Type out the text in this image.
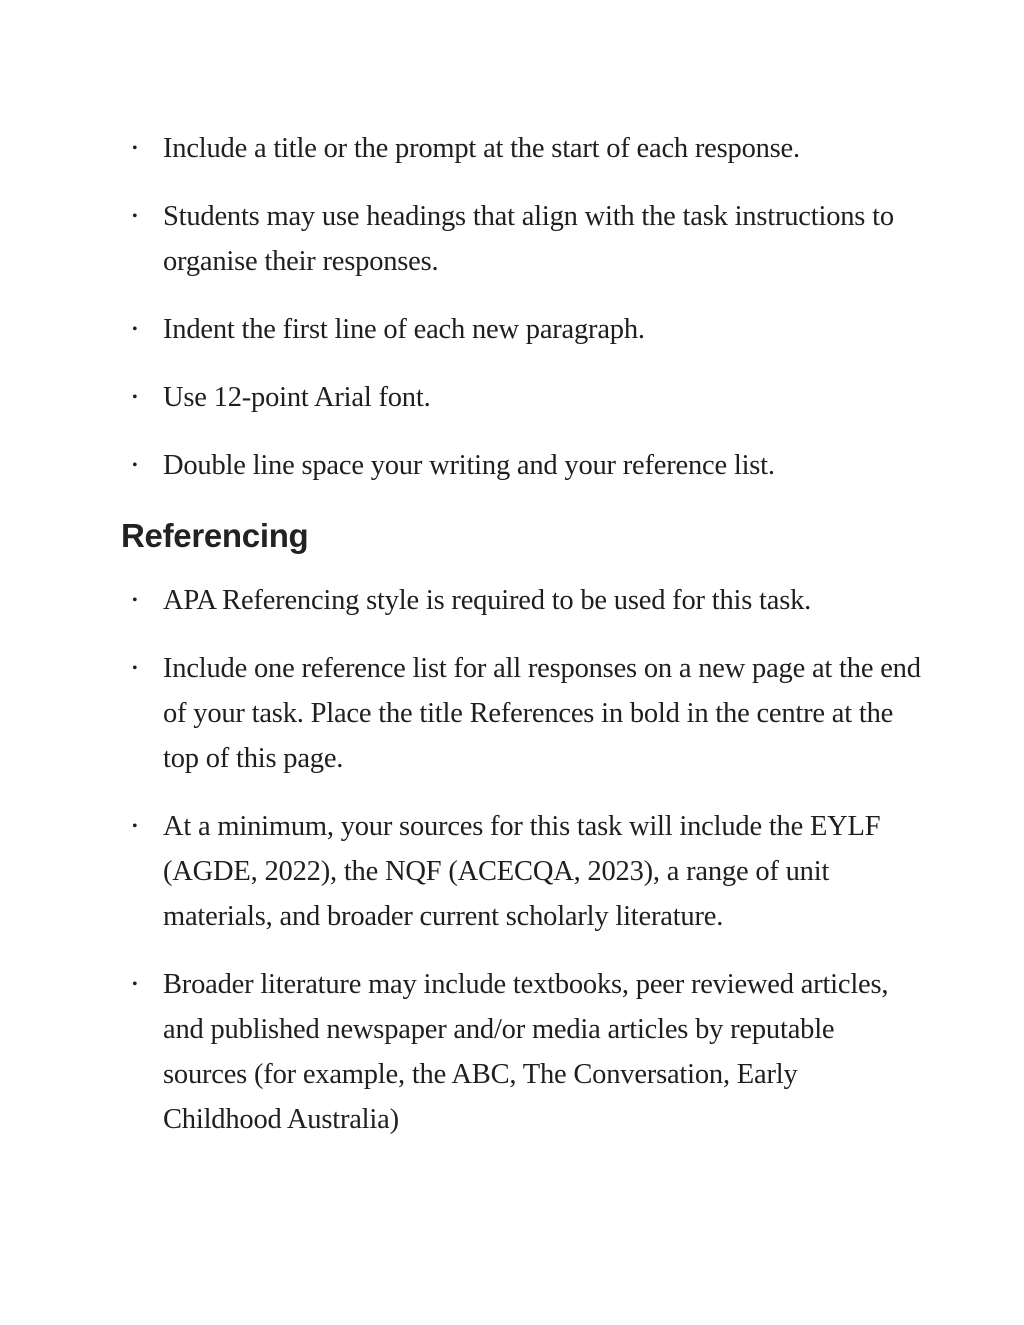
• Include a title or the prompt at the start of each response.
• Students may use headings that align with the task instructions to organise their responses.
• Indent the first line of each new paragraph.
• Use 12-point Arial font.
• Double line space your writing and your reference list.
Referencing
• APA Referencing style is required to be used for this task.
• Include one reference list for all responses on a new page at the end of your task. Place the title References in bold in the centre at the top of this page.
• At a minimum, your sources for this task will include the EYLF (AGDE, 2022), the NQF (ACECQA, 2023), a range of unit materials, and broader current scholarly literature.
• Broader literature may include textbooks, peer reviewed articles, and published newspaper and/or media articles by reputable sources (for example, the ABC, The Conversation, Early Childhood Australia)
